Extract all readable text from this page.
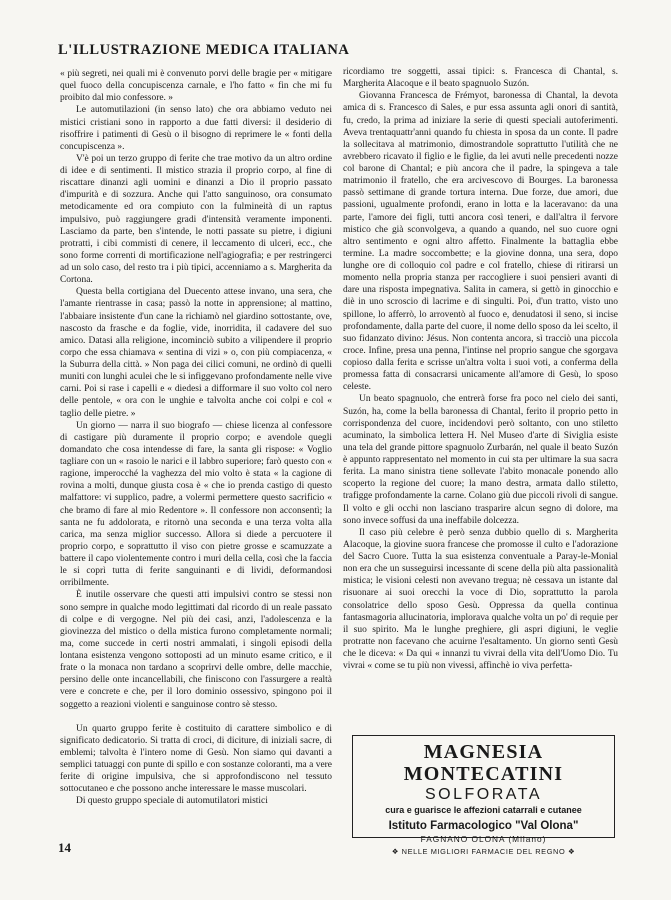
L'ILLUSTRAZIONE MEDICA ITALIANA

« più segreti, nei quali mi è convenuto porvi delle bragie per « mitigare quel fuoco della concupiscenza carnale, e l'ho fatto « fin che mi fu proibito dal mio confessore. »

Le automutilazioni (in senso lato) che ora abbiamo veduto nei mistici cristiani sono in rapporto a due fatti diversi: il desiderio di risoffrire i patimenti di Gesù o il bisogno di reprimere le « fonti della concupiscenza ».

V'è poi un terzo gruppo di ferite che trae motivo da un altro ordine di idee e di sentimenti. Il mistico strazia il proprio corpo, al fine di riscattare dinanzi agli uomini e dinanzi a Dio il proprio passato d'impurità e di sozzura. Anche qui l'atto sanguinoso, ora consumato metodicamente ed ora compiuto con la fulmineità di un raptus impulsivo, può raggiungere gradi d'intensità veramente imponenti. Lasciamo da parte, ben s'intende, le notti passate su pietre, i digiuni protratti, i cibi commisti di cenere, il leccamento di ulceri, ecc., che sono forme correnti di mortificazione nell'agiografia; e per restringerci ad un solo caso, del resto tra i più tipici, accenniamo a s. Margherita da Cortona.

Questa bella cortigiana del Duecento attese invano, una sera, che l'amante rientrasse in casa; passò la notte in apprensione; al mattino, l'abbaiare insistente d'un cane la richiamò nel giardino sottostante, ove, nascosto da frasche e da foglie, vide, inorridita, il cadavere del suo amico. Datasi alla religione, incominciò subito a vilipendere il proprio corpo che essa chiamava « sentina di vizi » o, con più compiacenza, « la Suburra della città. » Non paga dei cilici comuni, ne ordinò di quelli muniti con lunghi aculei che le si infiggevano profondamente nelle vive carni. Poi si rase i capelli e « diedesi a difformare il suo volto col nero delle pentole, « ora con le unghie e talvolta anche coi colpi e col « taglio delle pietre. »

Un giorno — narra il suo biografo — chiese licenza al confessore di castigare più duramente il proprio corpo; e avendole quegli domandato che cosa intendesse di fare, la santa gli rispose: « Voglio tagliare con un « rasoio le narici e il labbro superiore; farò questo con « ragione, imperocché la vaghezza del mio volto è stata « la cagione di rovina a molti, dunque giusta cosa è « che io prenda castigo di questo malfattore: vi supplico, padre, a volermi permettere questo sacrificio « che bramo di fare al mio Redentore ». Il confessore non acconsentì; la santa ne fu addolorata, e ritornò una seconda e una terza volta alla carica, ma senza miglior successo. Allora si diede a percuotere il proprio corpo, e soprattutto il viso con pietre grosse e scamuzzate a battere il capo violentemente contro i muri della cella, così che la faccia le si coprì tutta di ferite sanguinanti e di lividi, deformandosi orribilmente.

È inutile osservare che questi atti impulsivi contro se stessi non sono sempre in qualche modo legittimati dal ricordo di un reale passato di colpe e di vergogne. Nel più dei casi, anzi, l'adolescenza e la giovinezza del mistico o della mistica furono completamente normali; ma, come succede in certi nostri ammalati, i singoli episodi della lontana esistenza vengono sottoposti ad un minuto esame critico, e il frate o la monaca non tardano a scoprirvi delle ombre, delle macchie, persino delle onte incancellabili, che finiscono con l'assurgere a realtà vere e concrete e che, per il loro dominio ossessivo, spingono poi il soggetto a reazioni violenti e sanguinose contro sè stesso.

Un quarto gruppo ferite è costituito di carattere simbolico e di significato dedicatorio. Si tratta di croci, di diciture, di iniziali sacre, di emblemi; talvolta è l'intero nome di Gesù. Non siamo qui davanti a semplici tatuaggi con punte di spillo e con sostanze coloranti, ma a vere ferite di origine impulsiva, che si approfondiscono nel tessuto sottocutaneo e che possono anche interessare le masse muscolari.

Di questo gruppo speciale di automutilatori mistici

ricordiamo tre soggetti, assai tipici: s. Francesca di Chantal, s. Margherita Alacoque e il beato spagnuolo Suzón.

Giovanna Francesca de Frémyot, baronessa di Chantal, la devota amica di s. Francesco di Sales, e pur essa assunta agli onori di santità, fu, credo, la prima ad iniziare la serie di questi speciali autoferimenti. Aveva trentaquattr'anni quando fu chiesta in sposa da un conte. Il padre la sollecitava al matrimonio, dimostrandole soprattutto l'utilità che ne avrebbero ricavato il figlio e le figlie, da lei avuti nelle precedenti nozze col barone di Chantal; e più ancora che il padre, la spingeva a tale matrimonio il fratello, che era arcivescovo di Bourges. La baronessa passò settimane di grande tortura interna. Due forze, due amori, due passioni, ugualmente profondi, erano in lotta e la laceravano: da una parte, l'amore dei figli, tutti ancora così teneri, e dall'altra il fervore mistico che già sconvolgeva, a quando a quando, nel suo cuore ogni altro sentimento e ogni altro affetto. Finalmente la battaglia ebbe termine. La madre soccombette; e la giovine donna, una sera, dopo lunghe ore di colloquio col padre e col fratello, chiese di ritirarsi un momento nella propria stanza per raccogliere i suoi pensieri avanti di dare una risposta impegnativa. Salita in camera, si gettò in ginocchio e diè in uno scroscio di lacrime e di singulti. Poi, d'un tratto, visto uno spillone, lo afferrò, lo arroventò al fuoco e, denudatosi il seno, si incise profondamente, dalla parte del cuore, il nome dello sposo da lei scelto, il suo fidanzato divino: Jésus. Non contenta ancora, sì tracciò una piccola croce. Infine, presa una penna, l'intinse nel proprio sangue che sgorgava copioso dalla ferita e scrisse un'altra volta i suoi voti, a conferma della promessa fatta di consacrarsi unicamente all'amore di Gesù, lo sposo celeste.

Un beato spagnuolo, che entrerà forse fra poco nel cielo dei santi, Suzón, ha, come la bella baronessa di Chantal, ferito il proprio petto in corrispondenza del cuore, incidendovi però soltanto, con uno stiletto acuminato, la simbolica lettera H. Nel Museo d'arte di Siviglia esiste una tela del grande pittore spagnuolo Zurbarán, nel quale il beato Suzón è appunto rappresentato nel momento in cui sta per ultimare la sua sacra ferita. La mano sinistra tiene sollevate l'abito monacale ponendo allo scoperto la regione del cuore; la mano destra, armata dallo stiletto, trafigge profondamente la carne. Colano giù due piccoli rivoli di sangue. Il volto e gli occhi non lasciano trasparire alcun segno di dolore, ma sono invece soffusi da una ineffabile dolcezza.

Il caso più celebre è però senza dubbio quello di s. Margherita Alacoque, la giovine suora francese che promosse il culto e l'adorazione del Sacro Cuore. Tutta la sua esistenza conventuale a Paray-le-Monial non era che un susseguirsi incessante di scene della più alta passionalità mistica; le visioni celesti non avevano tregua; nè cessava un istante dal risuonare ai suoi orecchi la voce di Dio, soprattutto la parola consolatrice dello sposo Gesù. Oppressa da quella continua fantasmagoria allucinatoria, implorava qualche volta un po' di requie per il suo spirito. Ma le lunghe preghiere, gli aspri digiuni, le veglie protratte non facevano che acuirne l'esaltamento. Un giorno sentì Gesù che le diceva: « Da qui « innanzi tu vivrai della vita dell'Uomo Dio. Tu vivrai « come se tu più non vivessi, affinchè io viva perfetta-

MAGNESIA MONTECATINI
SOLFORATA
cura e guarisce le affezioni catarrali e cutanee
Istituto Farmacologico "Val Olona"
FAGNANO OLONA (Milano)
❖ NELLE MIGLIORI FARMACIE DEL REGNO ❖
14
